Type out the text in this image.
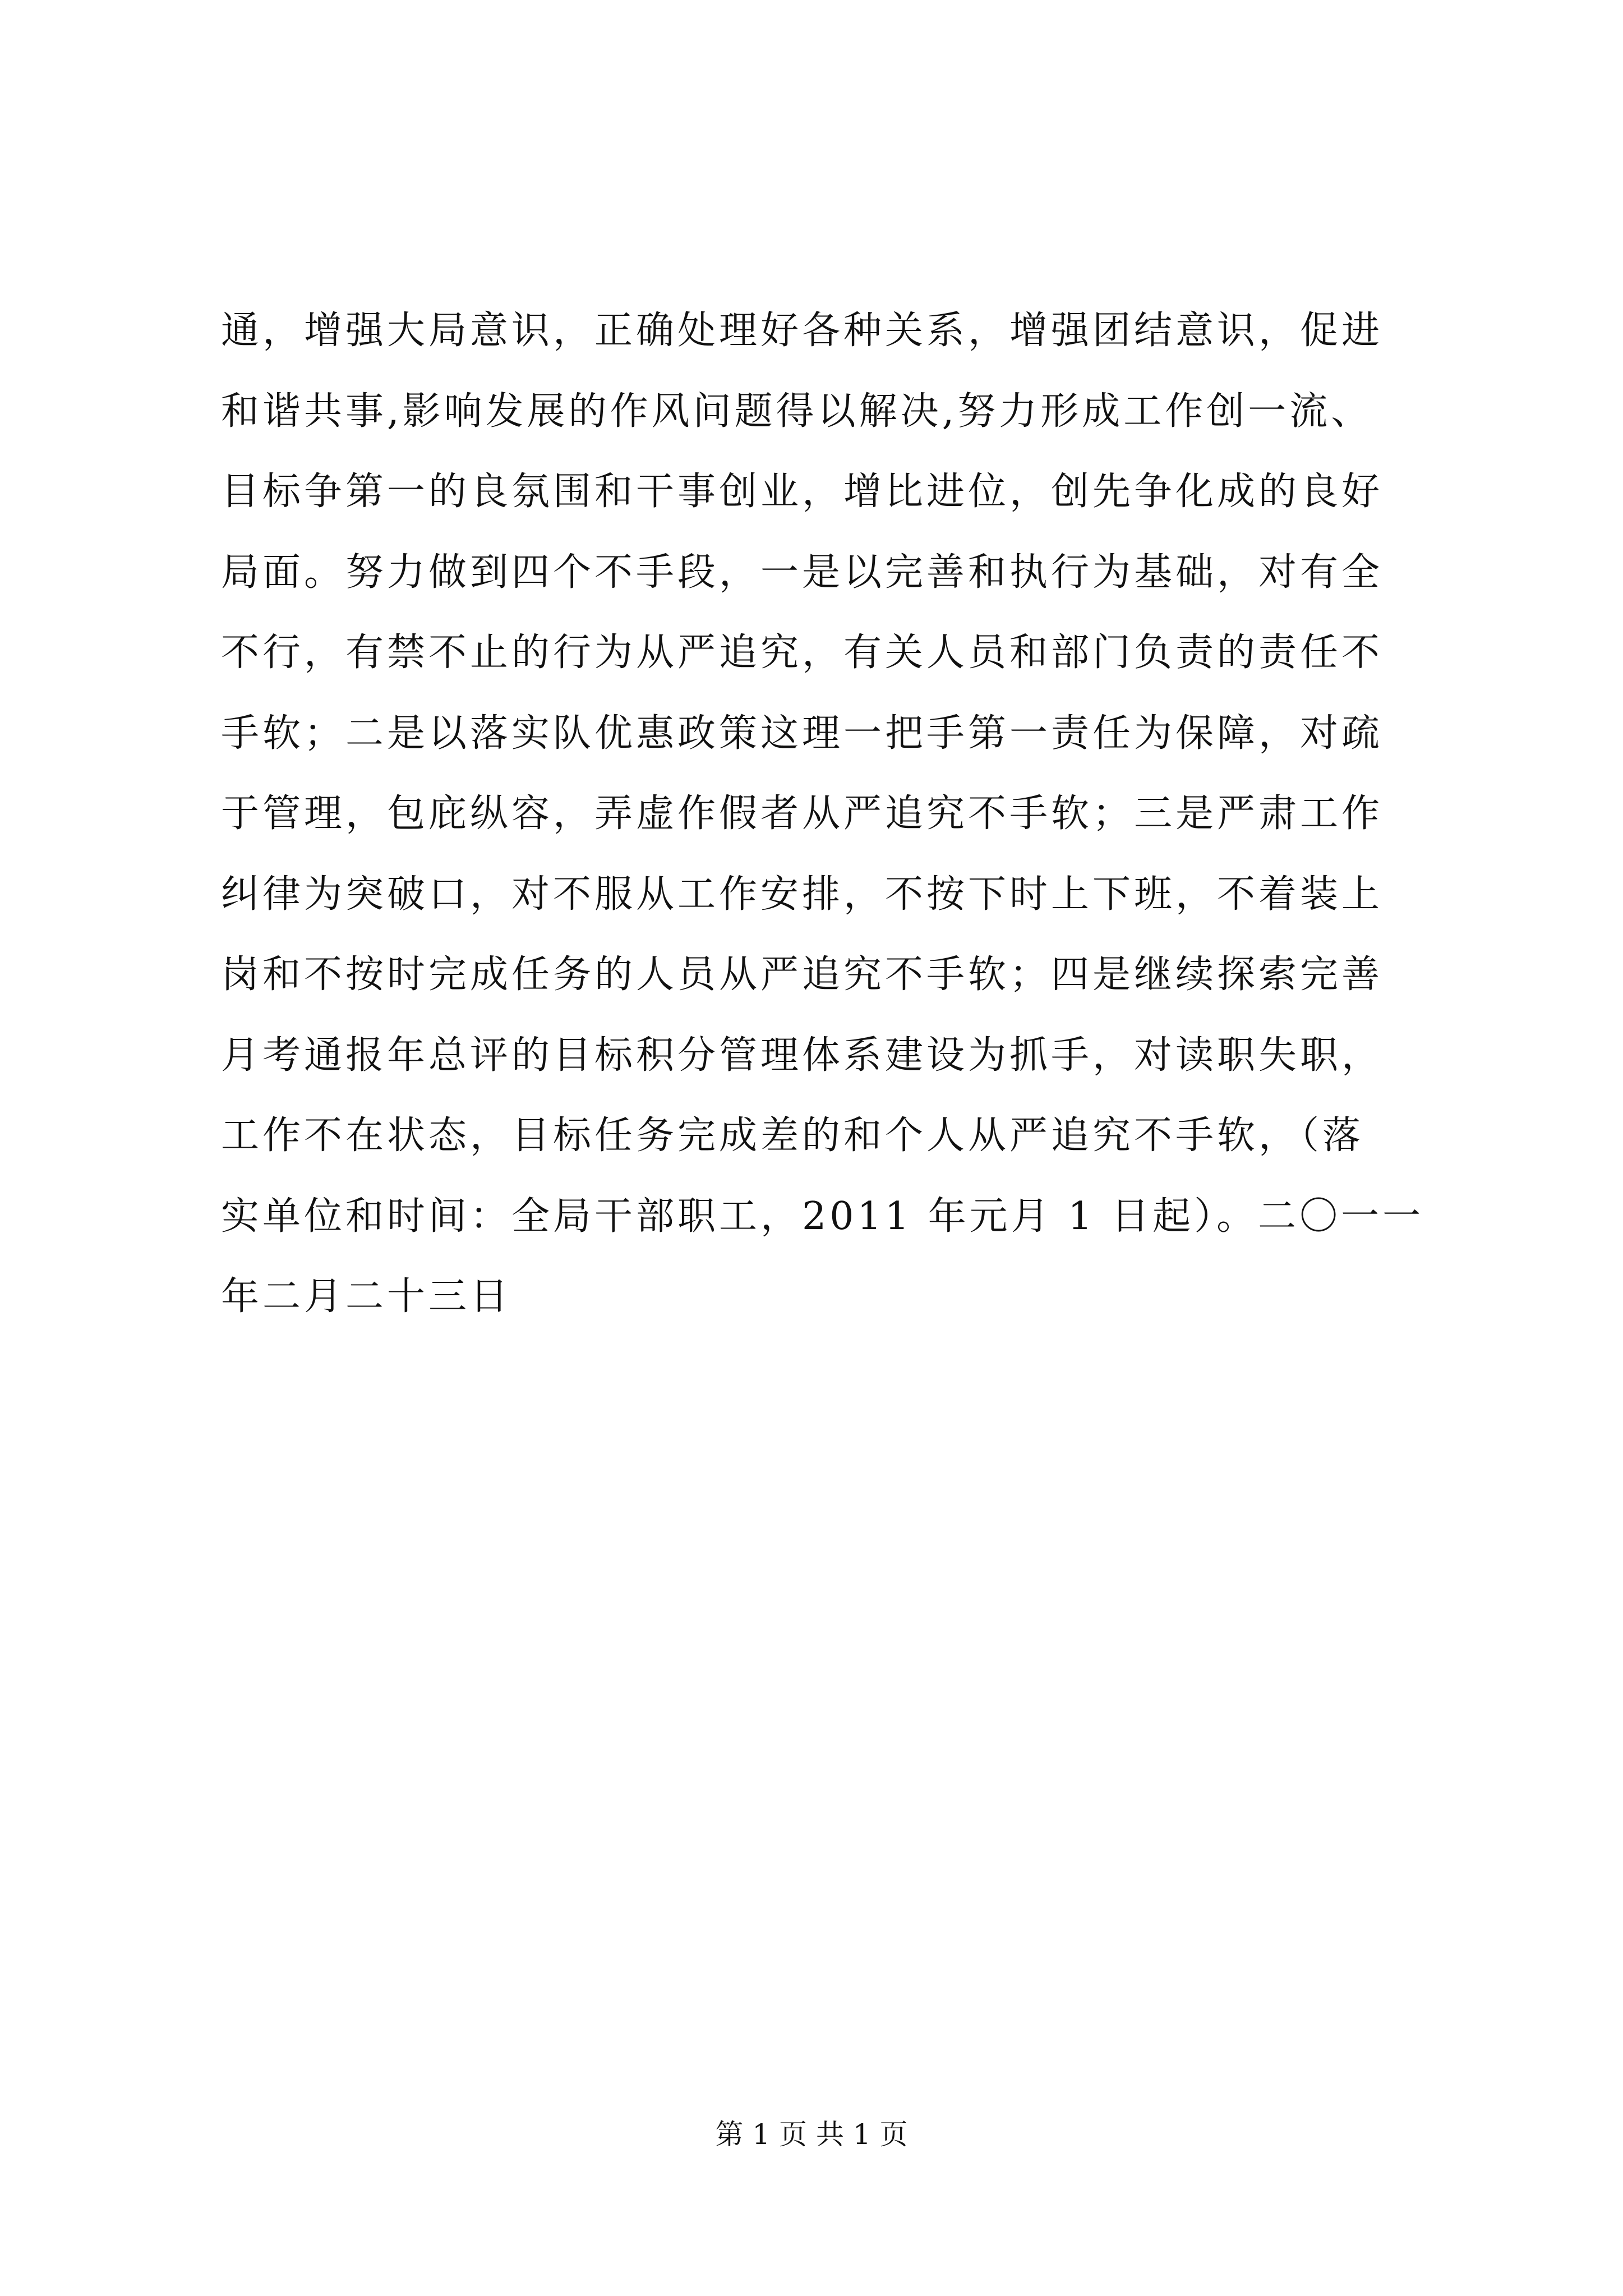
通，增强大局意识，正确处理好各种关系，增强团结意识，促进
和谐共事,影响发展的作风问题得以解决,努力形成工作创一流、
目标争第一的良氛围和干事创业，增比进位，创先争化成的良好
局面。努力做到四个不手段，一是以完善和执行为基础，对有全
不行，有禁不止的行为从严追究，有关人员和部门负责的责任不
手软；二是以落实队优惠政策这理一把手第一责任为保障，对疏
于管理，包庇纵容，弄虚作假者从严追究不手软；三是严肃工作
纠律为突破口，对不服从工作安排，不按下时上下班，不着装上
岗和不按时完成任务的人员从严追究不手软；四是继续探索完善
月考通报年总评的目标积分管理体系建设为抓手，对读职失职，
工作不在状态，目标任务完成差的和个人从严追究不手软，（落
实单位和时间：全局干部职工，2011 年元月 1 日起）。二〇一一
年二月二十三日
第 1 页 共 1 页
